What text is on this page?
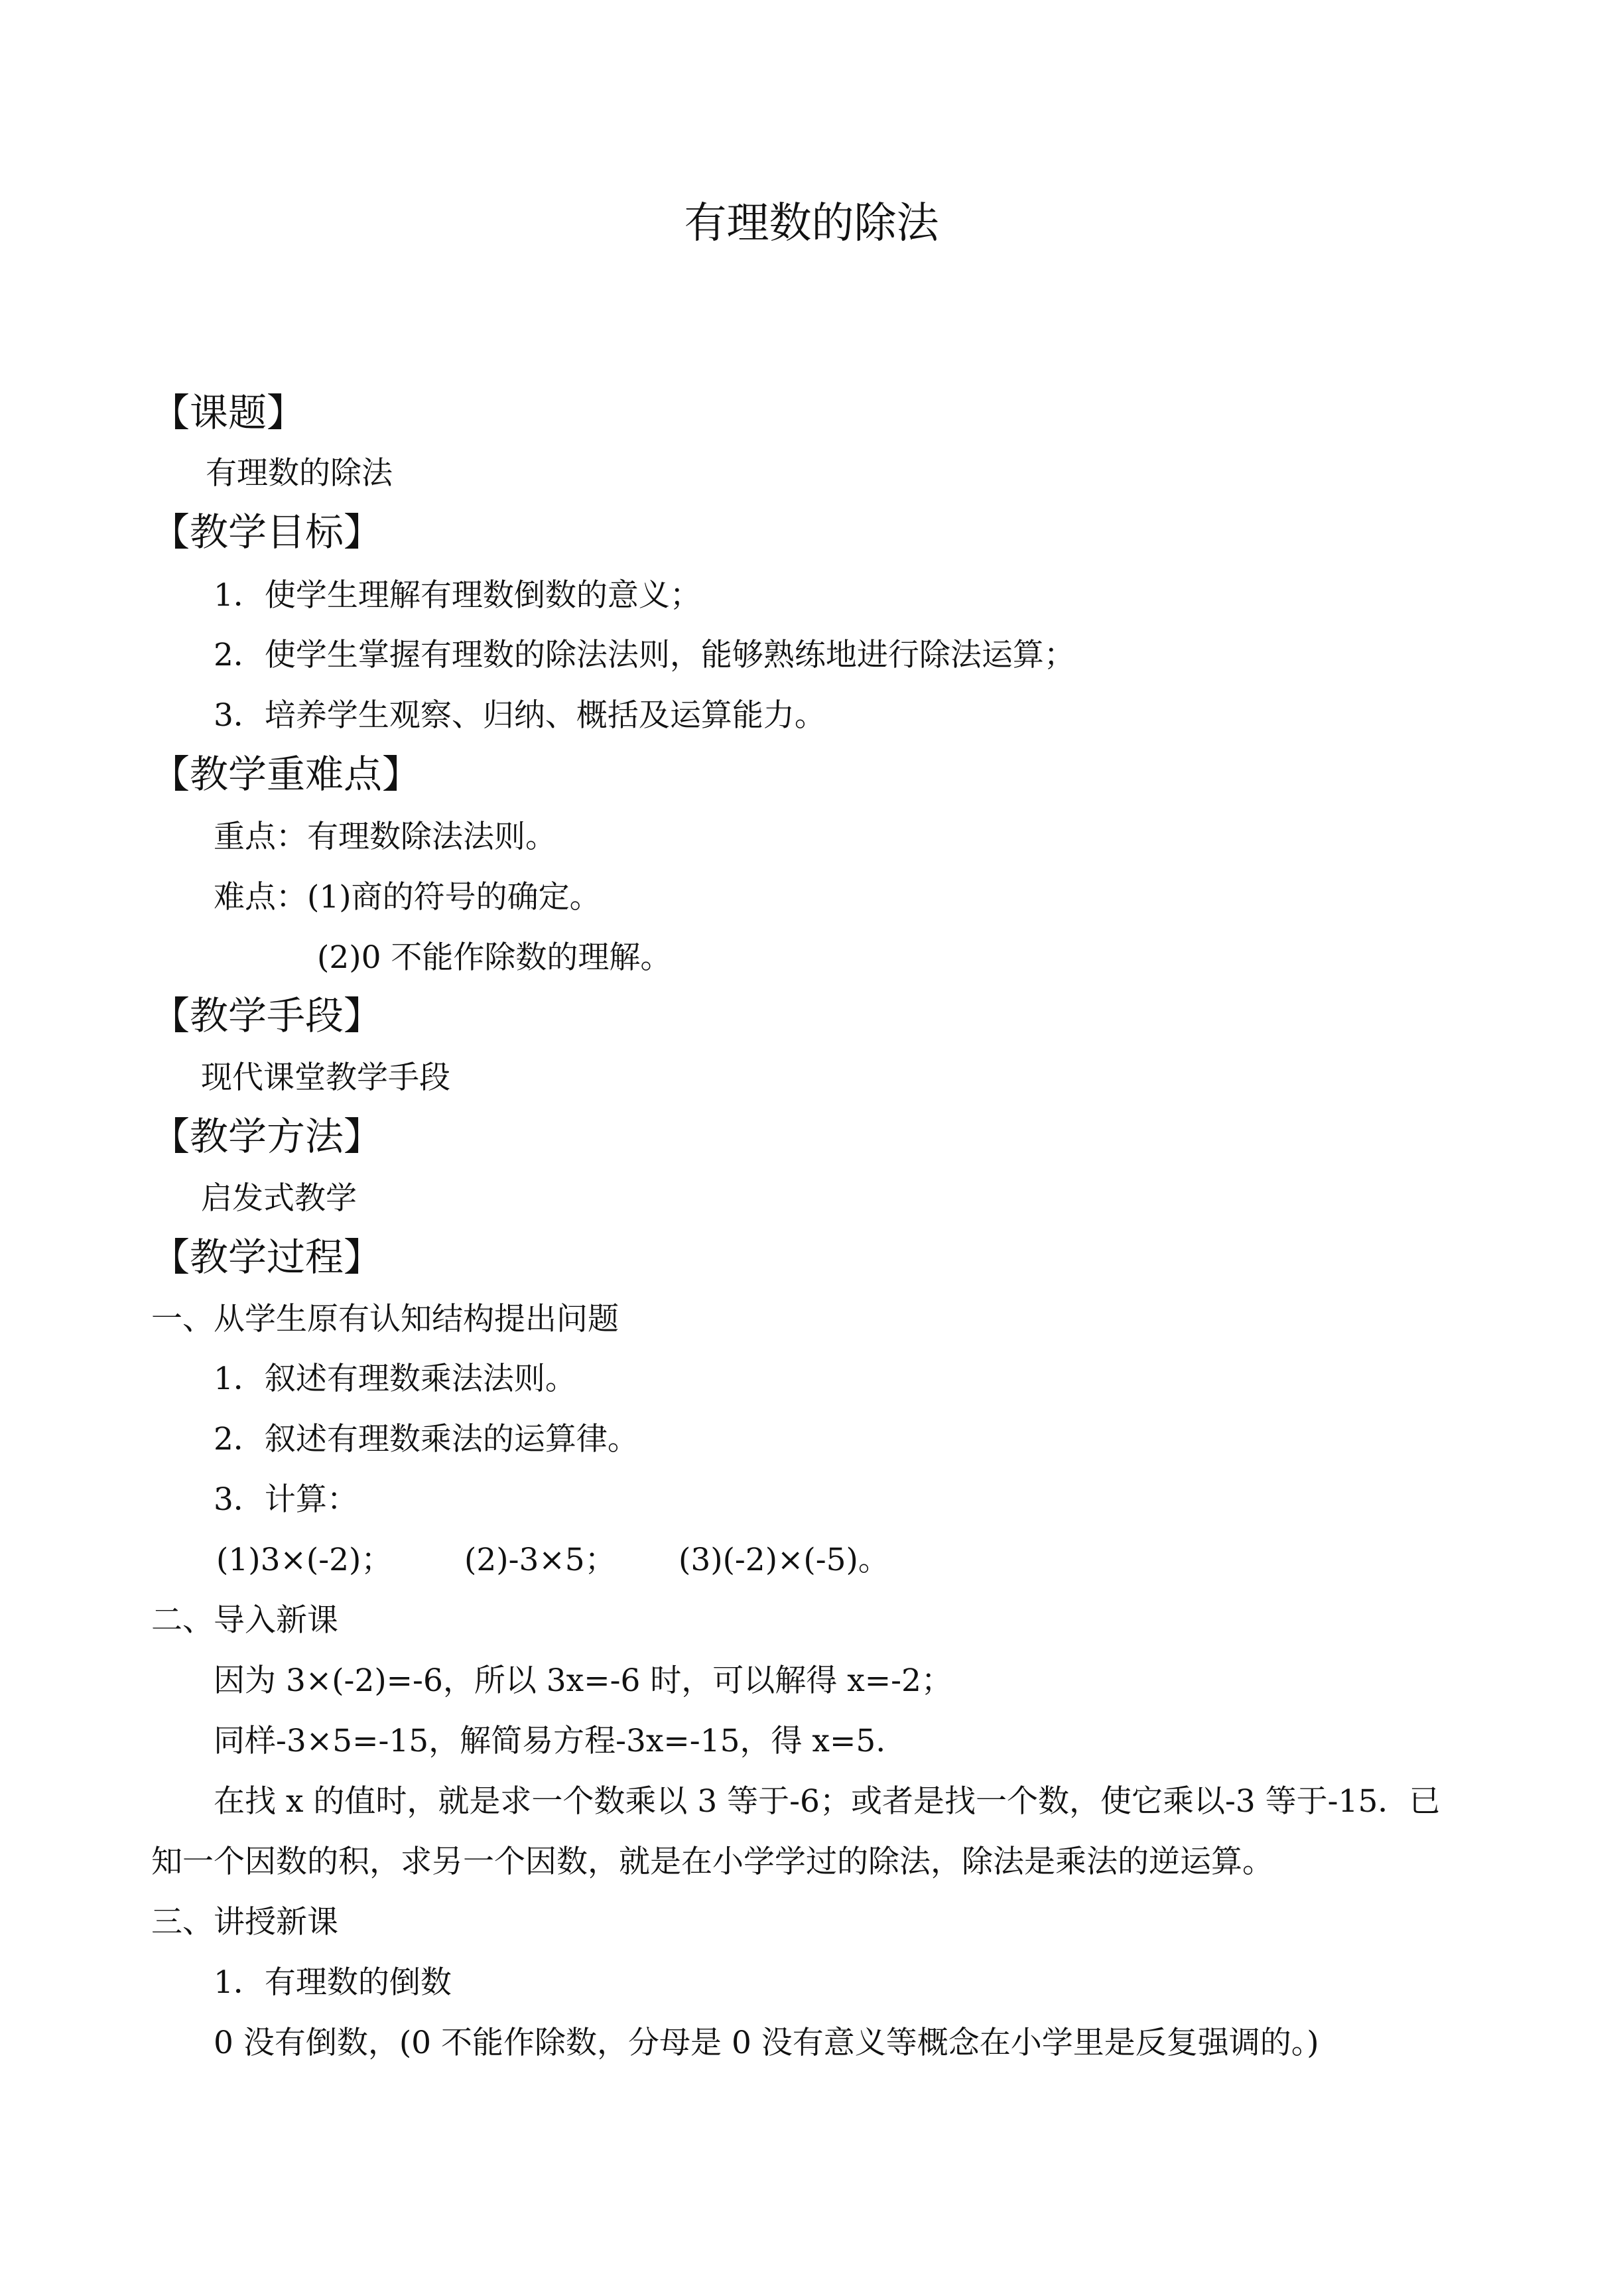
有理数的除法
【课题】
有理数的除法
【教学目标】
1．使学生理解有理数倒数的意义；
2．使学生掌握有理数的除法法则，能够熟练地进行除法运算；
3．培养学生观察、归纳、概括及运算能力。
【教学重难点】
重点：有理数除法法则。
难点：(1)商的符号的确定。
(2)0 不能作除数的理解。
【教学手段】
现代课堂教学手段
【教学方法】
启发式教学
【教学过程】
一、从学生原有认知结构提出问题
1．叙述有理数乘法法则。
2．叙述有理数乘法的运算律。
3．计算：
(1)3×(-2)； (2)-3×5； (3)(-2)×(-5)。
二、导入新课
因为 3×(-2)=-6，所以 3x=-6 时，可以解得 x=-2；
同样-3×5=-15，解简易方程-3x=-15，得 x=5.
在找 x 的值时，就是求一个数乘以 3 等于-6；或者是找一个数，使它乘以-3 等于-15．已
知一个因数的积，求另一个因数，就是在小学学过的除法，除法是乘法的逆运算。
三、讲授新课
1．有理数的倒数
0 没有倒数，(0 不能作除数，分母是 0 没有意义等概念在小学里是反复强调的。)
